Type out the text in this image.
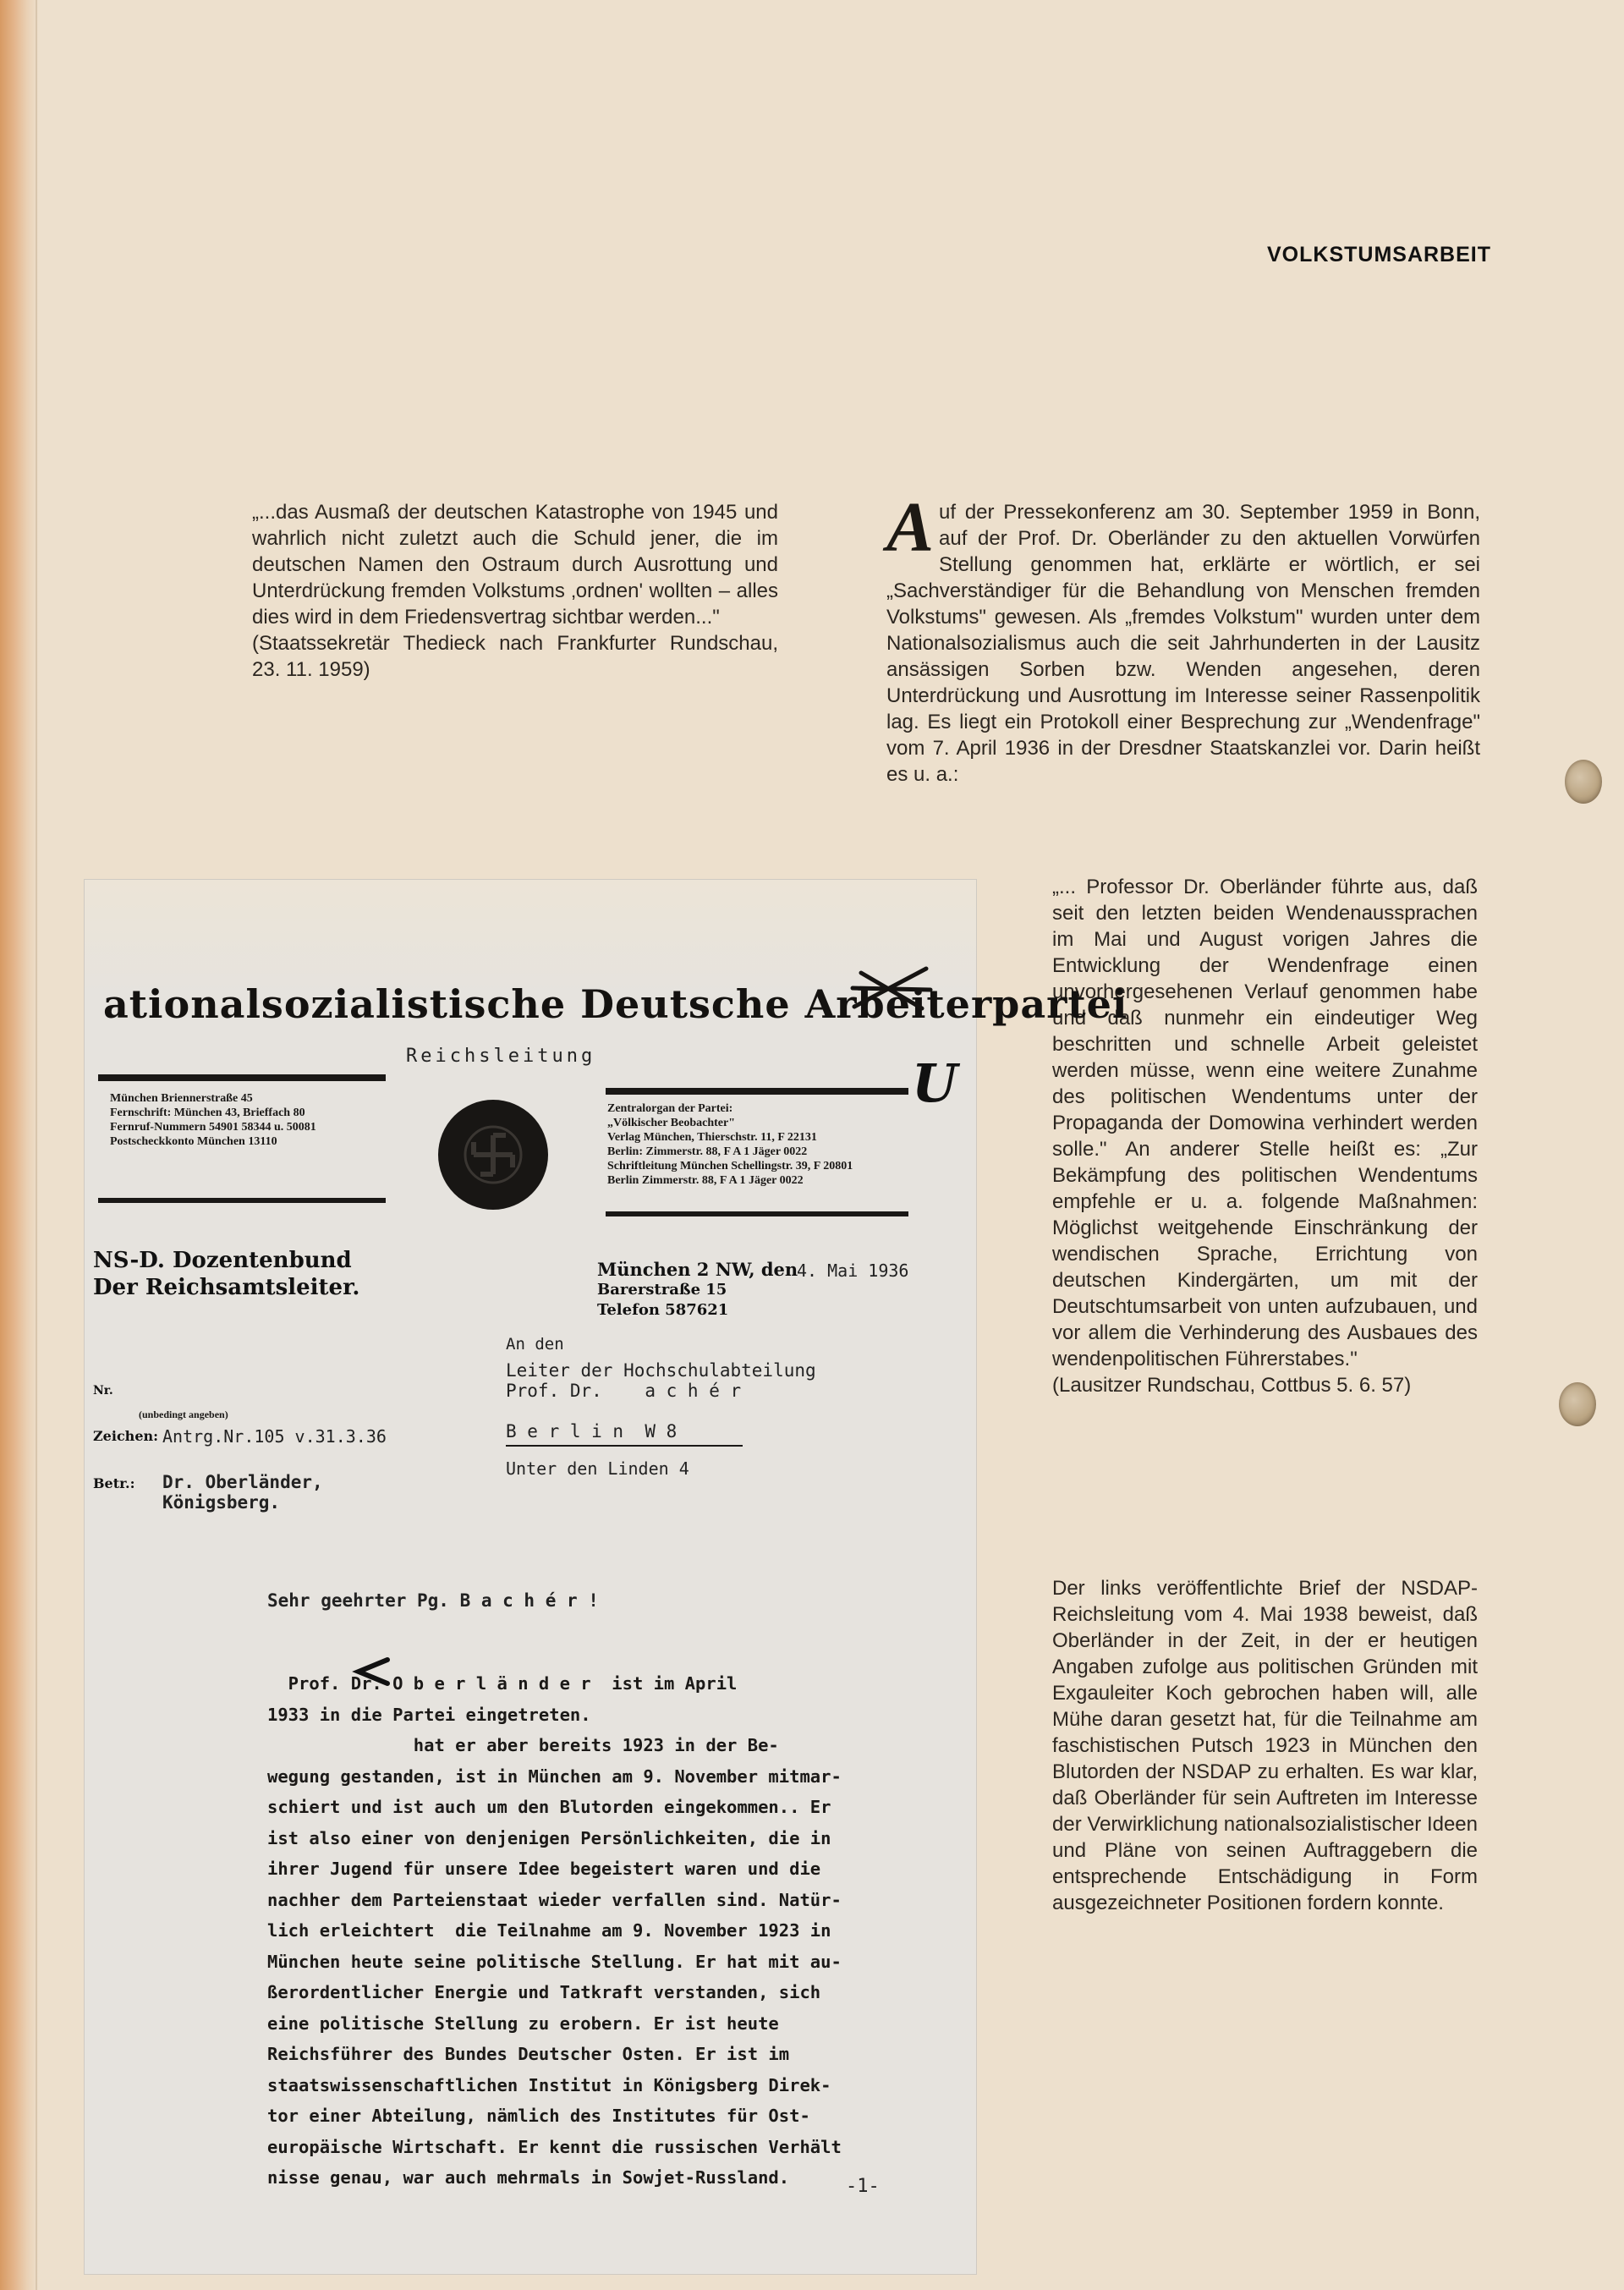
VOLKSTUMSARBEIT
„...das Ausmaß der deutschen Katastrophe von 1945 und wahrlich nicht zuletzt auch die Schuld jener, die im deutschen Namen den Ostraum durch Ausrottung und Unterdrückung fremden Volkstums ‚ordnen' wollten – alles dies wird in dem Friedensvertrag sichtbar werden..."
(Staatssekretär Thedieck nach Frankfurter Rundschau, 23. 11. 1959)
Auf der Pressekonferenz am 30. September 1959 in Bonn, auf der Prof. Dr. Oberländer zu den aktuellen Vorwürfen Stellung genommen hat, erklärte er wörtlich, er sei „Sachverständiger für die Behandlung von Menschen fremden Volkstums" gewesen. Als „fremdes Volkstum" wurden unter dem Nationalsozialismus auch die seit Jahrhunderten in der Lausitz ansässigen Sorben bzw. Wenden angesehen, deren Unterdrückung und Ausrottung im Interesse seiner Rassenpolitik lag. Es liegt ein Protokoll einer Besprechung zur „Wendenfrage" vom 7. April 1936 in der Dresdner Staatskanzlei vor. Darin heißt es u. a.:
„... Professor Dr. Oberländer führte aus, daß seit den letzten beiden Wendenaussprachen im Mai und August vorigen Jahres die Entwicklung der Wendenfrage einen unvorhergesehenen Verlauf genommen habe und daß nunmehr ein eindeutiger Weg beschritten und schnelle Arbeit geleistet werden müsse, wenn eine weitere Zunahme des politischen Wendentums unter der Propaganda der Domowina verhindert werden solle." An anderer Stelle heißt es: „Zur Bekämpfung des politischen Wendentums empfehle er u. a. folgende Maßnahmen: Möglichst weitgehende Einschränkung der wendischen Sprache, Errichtung von deutschen Kindergärten, um mit der Deutschtumsarbeit von unten aufzubauen, und vor allem die Verhinderung des Ausbaues des wendenpolitischen Führerstabes."
(Lausitzer Rundschau, Cottbus 5. 6. 57)
Der links veröffentlichte Brief der NSDAP-Reichsleitung vom 4. Mai 1938 beweist, daß Oberländer in der Zeit, in der er heutigen Angaben zufolge aus politischen Gründen mit Exgauleiter Koch gebrochen haben will, alle Mühe daran gesetzt hat, für die Teilnahme am faschistischen Putsch 1923 in München den Blutorden der NSDAP zu erhalten. Es war klar, daß Oberländer für sein Auftreten im Interesse der Verwirklichung nationalsozialistischer Ideen und Pläne von seinen Auftraggebern die entsprechende Entschädigung in Form ausgezeichneter Positionen fordern konnte.
ationalsozialistische Deutsche Arbeiterpartei
Reichsleitung
München Briennerstraße 45
Fernschrift: München 43, Brieffach 80
Fernruf-Nummern 54901 58344 u. 50081
Postscheckkonto München 13110
Zentralorgan der Partei:
„Völkischer Beobachter"
Verlag München, Thierschstr. 11, F 22131
Berlin: Zimmerstr. 88, F A 1 Jäger 0022
Schriftleitung München Schellingstr. 39, F 20801
Berlin Zimmerstr. 88, F A 1 Jäger 0022
NS-D. Dozentenbund
Der Reichsamtsleiter.
München 2 NW, den
4. Mai 1936
Barerstraße 15
Telefon 587621
An den
Leiter der Hochschulabteilung
Prof. Dr.    a c h é r
B e r l i n  W 8
Unter den Linden 4
Nr.
(unbedingt angeben)
Zeichen: Antrg.Nr.105 v.31.3.36
Betr.: Dr. Oberländer,
Königsberg.
Sehr geehrter Pg. B a c h é r !
Prof. Dr. O b e r l ä n d e r  ist im April
1933 in die Partei eingetreten.
hat er aber bereits 1923 in der Be-
wegung gestanden, ist in München am 9. November mitmar-
schiert und ist auch um den Blutorden eingekommen.. Er
ist also einer von denjenigen Persönlichkeiten, die in
ihrer Jugend für unsere Idee begeistert waren und die
nachher dem Parteienstaat wieder verfallen sind. Natür-
lich erleichtert  die Teilnahme am 9. November 1923 in
München heute seine politische Stellung. Er hat mit au-
ßerordentlicher Energie und Tatkraft verstanden, sich
eine politische Stellung zu erobern. Er ist heute
Reichsführer des Bundes Deutscher Osten. Er ist im
staatswissenschaftlichen Institut in Königsberg Direk-
tor einer Abteilung, nämlich des Institutes für Ost-
europäische Wirtschaft. Er kennt die russischen Verhält
nisse genau, war auch mehrmals in Sowjet-Russland.	-1-
U
